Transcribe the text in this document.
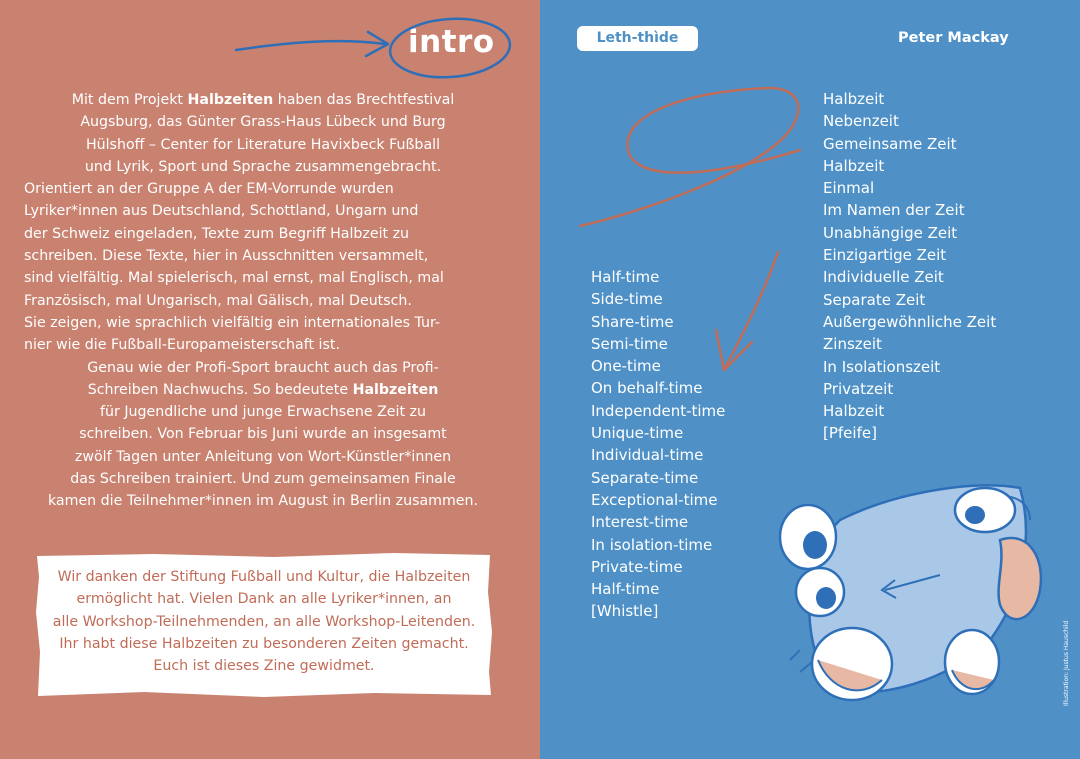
intro

Mit dem Projekt Halbzeiten haben das Brechtfestival
Augsburg, das Günter Grass-Haus Lübeck und Burg
Hülshoff – Center for Literature Havixbeck Fußball
und Lyrik, Sport und Sprache zusammengebracht.
Orientiert an der Gruppe A der EM-Vorrunde wurden
Lyriker*innen aus Deutschland, Schottland, Ungarn und
der Schweiz eingeladen, Texte zum Begriff Halbzeit zu
schreiben. Diese Texte, hier in Ausschnitten versammelt,
sind vielfältig. Mal spielerisch, mal ernst, mal Englisch, mal
Französisch, mal Ungarisch, mal Gälisch, mal Deutsch.
Sie zeigen, wie sprachlich vielfältig ein internationales Tur-
nier wie die Fußball-Europameisterschaft ist.
Genau wie der Profi-Sport braucht auch das Profi-
Schreiben Nachwuchs. So bedeutete Halbzeiten
für Jugendliche und junge Erwachsene Zeit zu
schreiben. Von Februar bis Juni wurde an insgesamt
zwölf Tagen unter Anleitung von Wort-Künstler*innen
das Schreiben trainiert. Und zum gemeinsamen Finale
kamen die Teilnehmer*innen im August in Berlin zusammen.

Wir danken der Stiftung Fußball und Kultur, die Halbzeiten
ermöglicht hat. Vielen Dank an alle Lyriker*innen, an
alle Workshop-Teilnehmenden, an alle Workshop-Leitenden.
Ihr habt diese Halbzeiten zu besonderen Zeiten gemacht.
Euch ist dieses Zine gewidmet.

Leth-thìde	Peter Mackay
Half-time
Side-time
Share-time
Semi-time
One-time
On behalf-time
Independent-time
Unique-time
Individual-time
Separate-time
Exceptional-time
Interest-time
In isolation-time
Private-time
Half-time
[Whistle]
Halbzeit
Nebenzeit
Gemeinsame Zeit
Halbzeit
Einmal
Im Namen der Zeit
Unabhängige Zeit
Einzigartige Zeit
Individuelle Zeit
Separate Zeit
Außergewöhnliche Zeit
Zinszeit
In Isolationszeit
Privatzeit
Halbzeit
[Pfeife]
Illustration: Justus Hauschild
